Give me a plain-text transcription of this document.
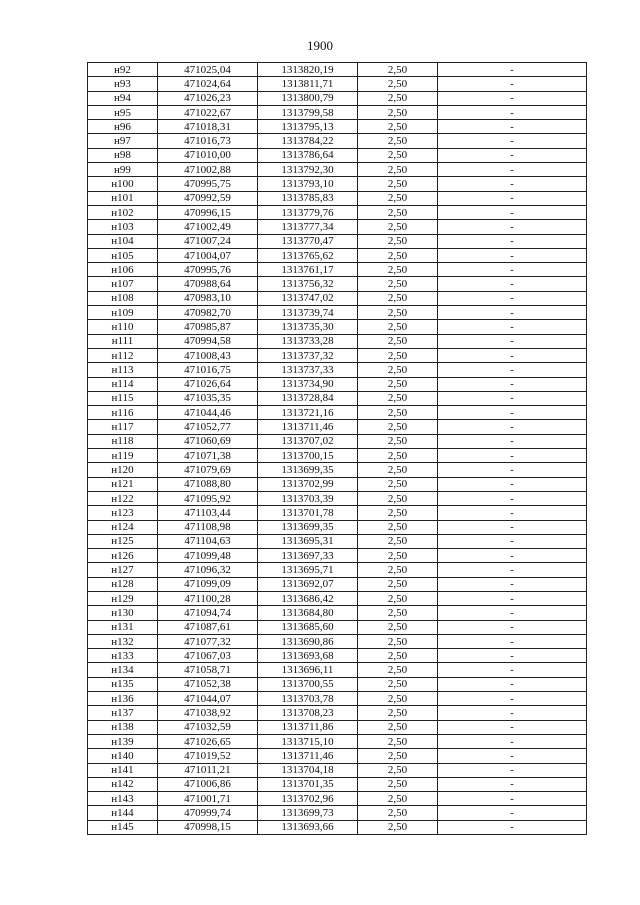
1900
н92	471025,04	1313820,19	2,50	-
н93	471024,64	1313811,71	2,50	-
н94	471026,23	1313800,79	2,50	-
н95	471022,67	1313799,58	2,50	-
н96	471018,31	1313795,13	2,50	-
н97	471016,73	1313784,22	2,50	-
н98	471010,00	1313786,64	2,50	-
н99	471002,88	1313792,30	2,50	-
н100	470995,75	1313793,10	2,50	-
н101	470992,59	1313785,83	2,50	-
н102	470996,15	1313779,76	2,50	-
н103	471002,49	1313777,34	2,50	-
н104	471007,24	1313770,47	2,50	-
н105	471004,07	1313765,62	2,50	-
н106	470995,76	1313761,17	2,50	-
н107	470988,64	1313756,32	2,50	-
н108	470983,10	1313747,02	2,50	-
н109	470982,70	1313739,74	2,50	-
н110	470985,87	1313735,30	2,50	-
н111	470994,58	1313733,28	2,50	-
н112	471008,43	1313737,32	2,50	-
н113	471016,75	1313737,33	2,50	-
н114	471026,64	1313734,90	2,50	-
н115	471035,35	1313728,84	2,50	-
н116	471044,46	1313721,16	2,50	-
н117	471052,77	1313711,46	2,50	-
н118	471060,69	1313707,02	2,50	-
н119	471071,38	1313700,15	2,50	-
н120	471079,69	1313699,35	2,50	-
н121	471088,80	1313702,99	2,50	-
н122	471095,92	1313703,39	2,50	-
н123	471103,44	1313701,78	2,50	-
н124	471108,98	1313699,35	2,50	-
н125	471104,63	1313695,31	2,50	-
н126	471099,48	1313697,33	2,50	-
н127	471096,32	1313695,71	2,50	-
н128	471099,09	1313692,07	2,50	-
н129	471100,28	1313686,42	2,50	-
н130	471094,74	1313684,80	2,50	-
н131	471087,61	1313685,60	2,50	-
н132	471077,32	1313690,86	2,50	-
н133	471067,03	1313693,68	2,50	-
н134	471058,71	1313696,11	2,50	-
н135	471052,38	1313700,55	2,50	-
н136	471044,07	1313703,78	2,50	-
н137	471038,92	1313708,23	2,50	-
н138	471032,59	1313711,86	2,50	-
н139	471026,65	1313715,10	2,50	-
н140	471019,52	1313711,46	2,50	-
н141	471011,21	1313704,18	2,50	-
н142	471006,86	1313701,35	2,50	-
н143	471001,71	1313702,96	2,50	-
н144	470999,74	1313699,73	2,50	-
н145	470998,15	1313693,66	2,50	-
